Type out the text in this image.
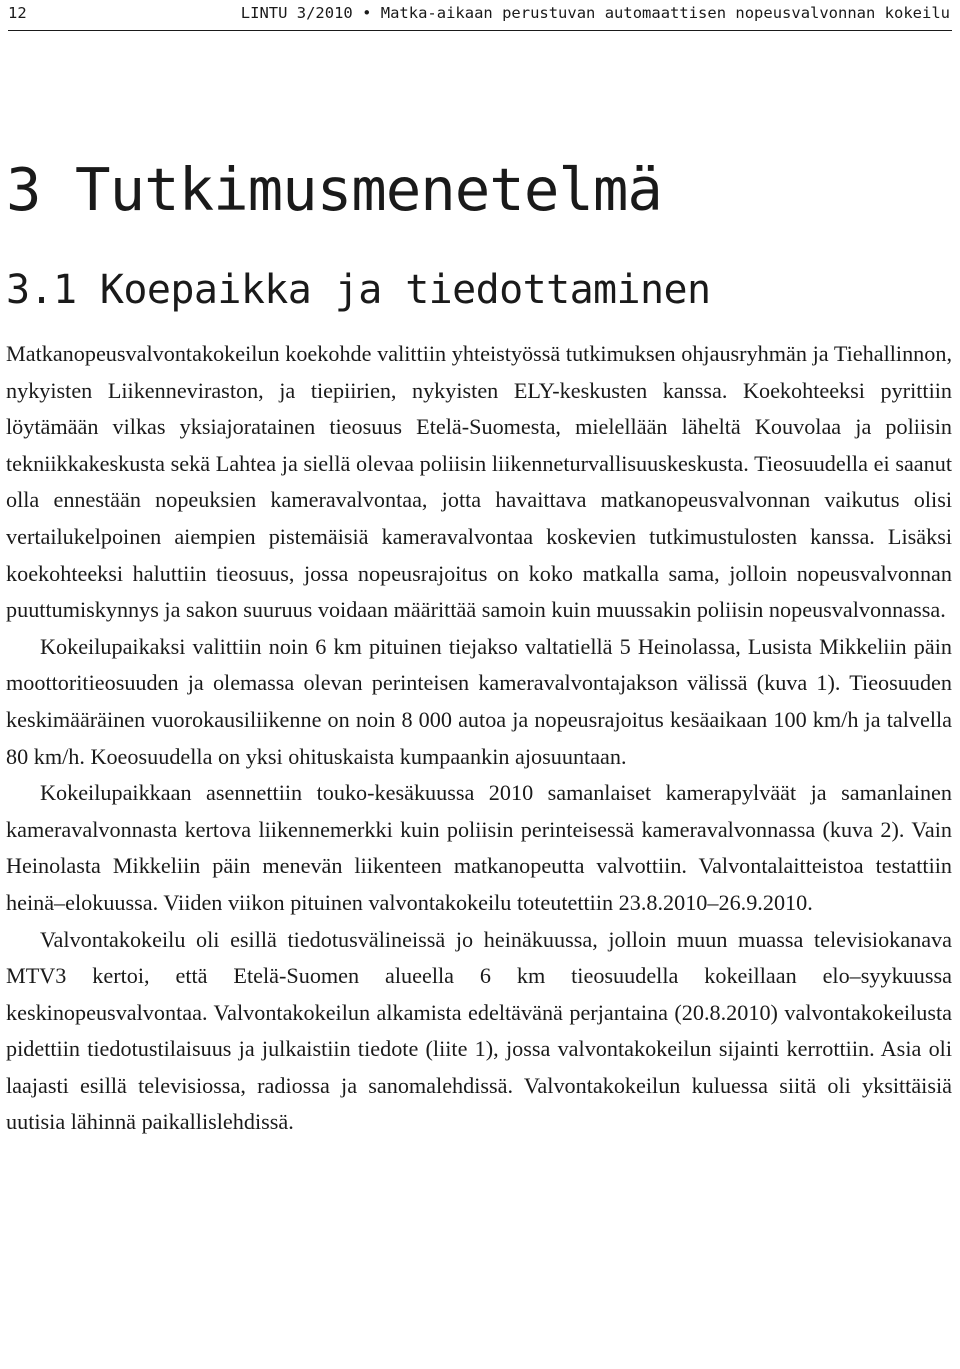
12	LINTU 3/2010 • Matka-aikaan perustuvan automaattisen nopeusvalvonnan kokeilu
3 Tutkimusmenetelmä
3.1 Koepaikka ja tiedottaminen

Matkanopeusvalvontakokeilun koekohde valittiin yhteistyössä tutkimuksen ohjausryhmän ja Tiehallinnon, nykyisten Liikenneviraston, ja tiepiirien, nykyisten ELY-keskusten kanssa. Koekohteeksi pyrittiin löytämään vilkas yksiajoratainen tieosuus Etelä-Suomesta, mielellään läheltä Kouvolaa ja poliisin tekniikkakeskusta sekä Lahtea ja siellä olevaa poliisin liikenneturvallisuuskeskusta. Tieosuudella ei saanut olla ennestään nopeuksien kameravalvontaa, jotta havaittava matkanopeusvalvonnan vaikutus olisi vertailukelpoinen aiempien pistemäisiä kameravalvontaa koskevien tutkimustulosten kanssa. Lisäksi koekohteeksi haluttiin tieosuus, jossa nopeusrajoitus on koko matkalla sama, jolloin nopeusvalvonnan puuttumiskynnys ja sakon suuruus voidaan määrittää samoin kuin muussakin poliisin nopeusvalvonnassa.

Kokeilupaikaksi valittiin noin 6 km pituinen tiejakso valtatiellä 5 Heinolassa, Lusista Mikkeliin päin moottoritieosuuden ja olemassa olevan perinteisen kameravalvontajakson välissä (kuva 1). Tieosuuden keskimääräinen vuorokausiliikenne on noin 8 000 autoa ja nopeusrajoitus kesäaikaan 100 km/h ja talvella 80 km/h. Koeosuudella on yksi ohituskaista kumpaankin ajosuuntaan.

Kokeilupaikkaan asennettiin touko-kesäkuussa 2010 samanlaiset kamerapylväät ja samanlainen kameravalvonnasta kertova liikennemerkki kuin poliisin perinteisessä kameravalvonnassa (kuva 2). Vain Heinolasta Mikkeliin päin menevän liikenteen matkanopeutta valvottiin. Valvontalaitteistoa testattiin heinä–elokuussa. Viiden viikon pituinen valvontakokeilu toteutettiin 23.8.2010–26.9.2010.

Valvontakokeilu oli esillä tiedotusvälineissä jo heinäkuussa, jolloin muun muassa televisiokanava MTV3 kertoi, että Etelä-Suomen alueella 6 km tieosuudella kokeillaan elo–syykuussa keskinopeusvalvontaa. Valvontakokeilun alkamista edeltävänä perjantaina (20.8.2010) valvontakokeilusta pidettiin tiedotustilaisuus ja julkaistiin tiedote (liite 1), jossa valvontakokeilun sijainti kerrottiin. Asia oli laajasti esillä televisiossa, radiossa ja sanomalehdissä. Valvontakokeilun kuluessa siitä oli yksittäisiä uutisia lähinnä paikallislehdissä.
